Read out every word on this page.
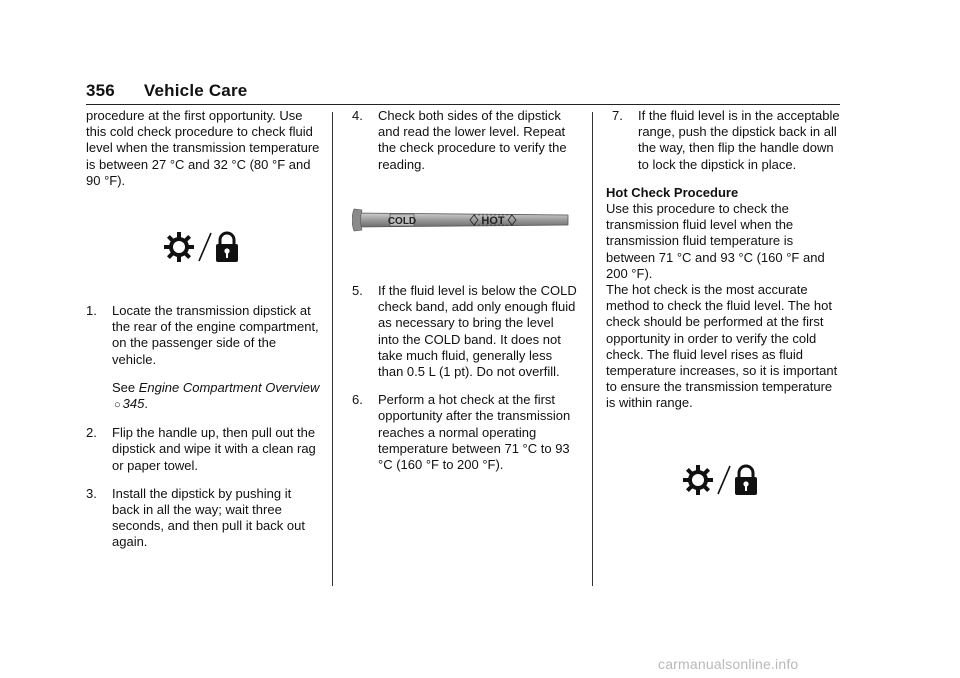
356 Vehicle Care

procedure at the first opportunity. Use this cold check procedure to check fluid level when the transmission temperature is between 27 °C and 32 °C (80 °F and 90 °F).

1.	Locate the transmission dipstick at the rear of the engine compartment, on the passenger side of the vehicle.
See Engine Compartment Overview ○ 345.
2.	Flip the handle up, then pull out the dipstick and wipe it with a clean rag or paper towel.
3.	Install the dipstick by pushing it back in all the way; wait three seconds, and then pull it back out again.
4.	Check both sides of the dipstick and read the lower level. Repeat the check procedure to verify the reading.
COLD	HOT
5.	If the fluid level is below the COLD check band, add only enough fluid as necessary to bring the level into the COLD band. It does not take much fluid, generally less than 0.5 L (1 pt). Do not overfill.
6.	Perform a hot check at the first opportunity after the transmission reaches a normal operating temperature between 71 °C to 93 °C (160 °F to 200 °F).
7.	If the fluid level is in the acceptable range, push the dipstick back in all the way, then flip the handle down to lock the dipstick in place.

Hot Check Procedure

Use this procedure to check the transmission fluid level when the transmission fluid temperature is between 71 °C and 93 °C (160 °F and 200 °F).

The hot check is the most accurate method to check the fluid level. The hot check should be performed at the first opportunity in order to verify the cold check. The fluid level rises as fluid temperature increases, so it is important to ensure the transmission temperature is within range.

carmanualsonline.info
